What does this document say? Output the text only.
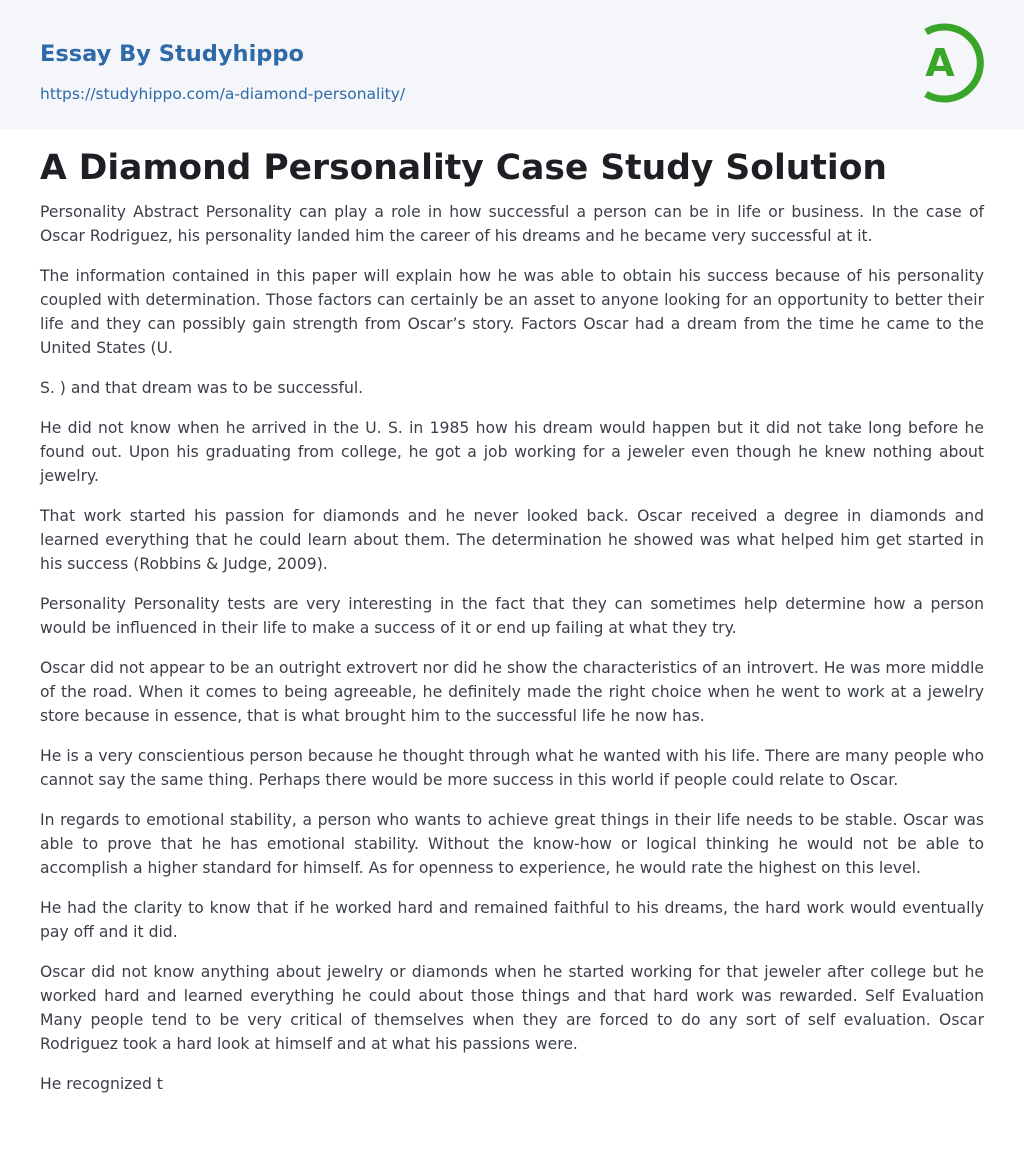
Essay By Studyhippo
https://studyhippo.com/a-diamond-personality/
A
A Diamond Personality Case Study Solution

Personality Abstract Personality can play a role in how successful a person can be in life or business. In the case of Oscar Rodriguez, his personality landed him the career of his dreams and he became very successful at it.

The information contained in this paper will explain how he was able to obtain his success because of his personality coupled with determination. Those factors can certainly be an asset to anyone looking for an opportunity to better their life and they can possibly gain strength from Oscar’s story. Factors Oscar had a dream from the time he came to the United States (U.

S. ) and that dream was to be successful.

He did not know when he arrived in the U. S. in 1985 how his dream would happen but it did not take long before he found out. Upon his graduating from college, he got a job working for a jeweler even though he knew nothing about jewelry.

That work started his passion for diamonds and he never looked back. Oscar received a degree in diamonds and learned everything that he could learn about them. The determination he showed was what helped him get started in his success (Robbins & Judge, 2009).

Personality Personality tests are very interesting in the fact that they can sometimes help determine how a person would be influenced in their life to make a success of it or end up failing at what they try.

Oscar did not appear to be an outright extrovert nor did he show the characteristics of an introvert. He was more middle of the road. When it comes to being agreeable, he definitely made the right choice when he went to work at a jewelry store because in essence, that is what brought him to the successful life he now has.

He is a very conscientious person because he thought through what he wanted with his life. There are many people who cannot say the same thing. Perhaps there would be more success in this world if people could relate to Oscar.

In regards to emotional stability, a person who wants to achieve great things in their life needs to be stable. Oscar was able to prove that he has emotional stability. Without the know-how or logical thinking he would not be able to accomplish a higher standard for himself. As for openness to experience, he would rate the highest on this level.

He had the clarity to know that if he worked hard and remained faithful to his dreams, the hard work would eventually pay off and it did.

Oscar did not know anything about jewelry or diamonds when he started working for that jeweler after college but he worked hard and learned everything he could about those things and that hard work was rewarded. Self Evaluation Many people tend to be very critical of themselves when they are forced to do any sort of self evaluation. Oscar Rodriguez took a hard look at himself and at what his passions were.

He recognized t
